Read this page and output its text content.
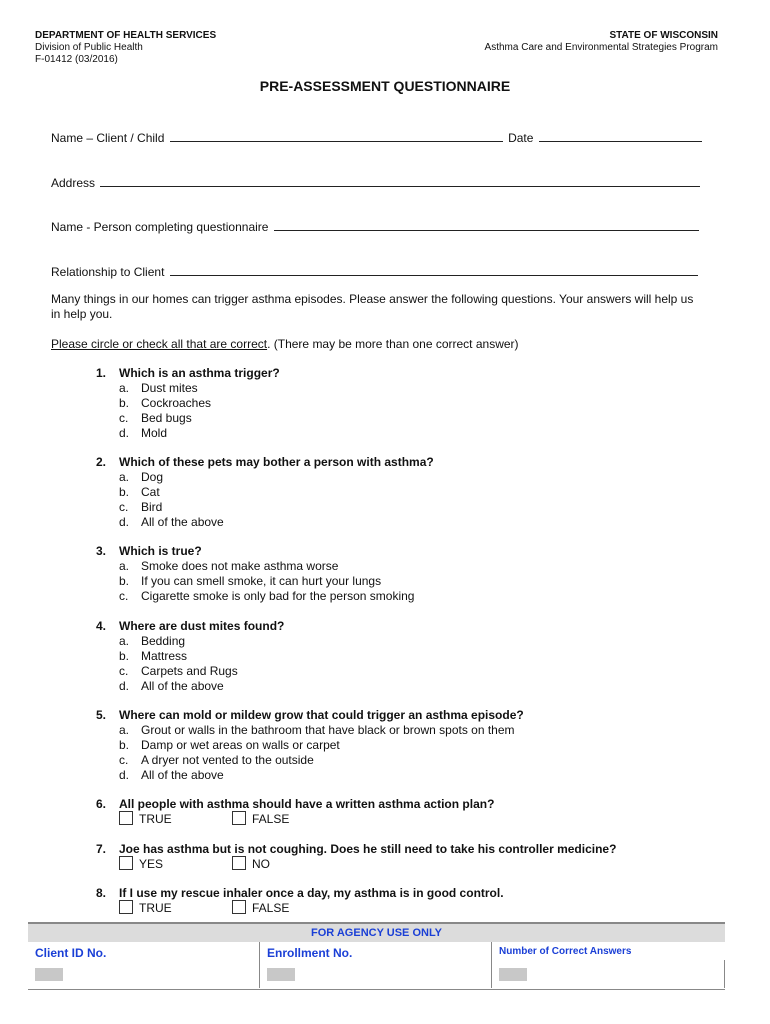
DEPARTMENT OF HEALTH SERVICES
Division of Public Health
F-01412 (03/2016)
STATE OF WISCONSIN
Asthma Care and Environmental Strategies Program
PRE-ASSESSMENT QUESTIONNAIRE
Name – Client / Child	Date
Address
Name - Person completing questionnaire
Relationship to Client
Many things in our homes can trigger asthma episodes. Please answer the following questions. Your answers will help us in help you.
Please circle or check all that are correct. (There may be more than one correct answer)
1. Which is an asthma trigger?
a. Dust mites
b. Cockroaches
c. Bed bugs
d. Mold
2. Which of these pets may bother a person with asthma?
a. Dog
b. Cat
c. Bird
d. All of the above
3. Which is true?
a. Smoke does not make asthma worse
b. If you can smell smoke, it can hurt your lungs
c. Cigarette smoke is only bad for the person smoking
4. Where are dust mites found?
a. Bedding
b. Mattress
c. Carpets and Rugs
d. All of the above
5. Where can mold or mildew grow that could trigger an asthma episode?
a. Grout or walls in the bathroom that have black or brown spots on them
b. Damp or wet areas on walls or carpet
c. A dryer not vented to the outside
d. All of the above
6. All people with asthma should have a written asthma action plan?
TRUE	FALSE
7. Joe has asthma but is not coughing. Does he still need to take his controller medicine?
YES	NO
8. If I use my rescue inhaler once a day, my asthma is in good control.
TRUE	FALSE
FOR AGENCY USE ONLY
Client ID No.	Enrollment No.	Number of Correct Answers
